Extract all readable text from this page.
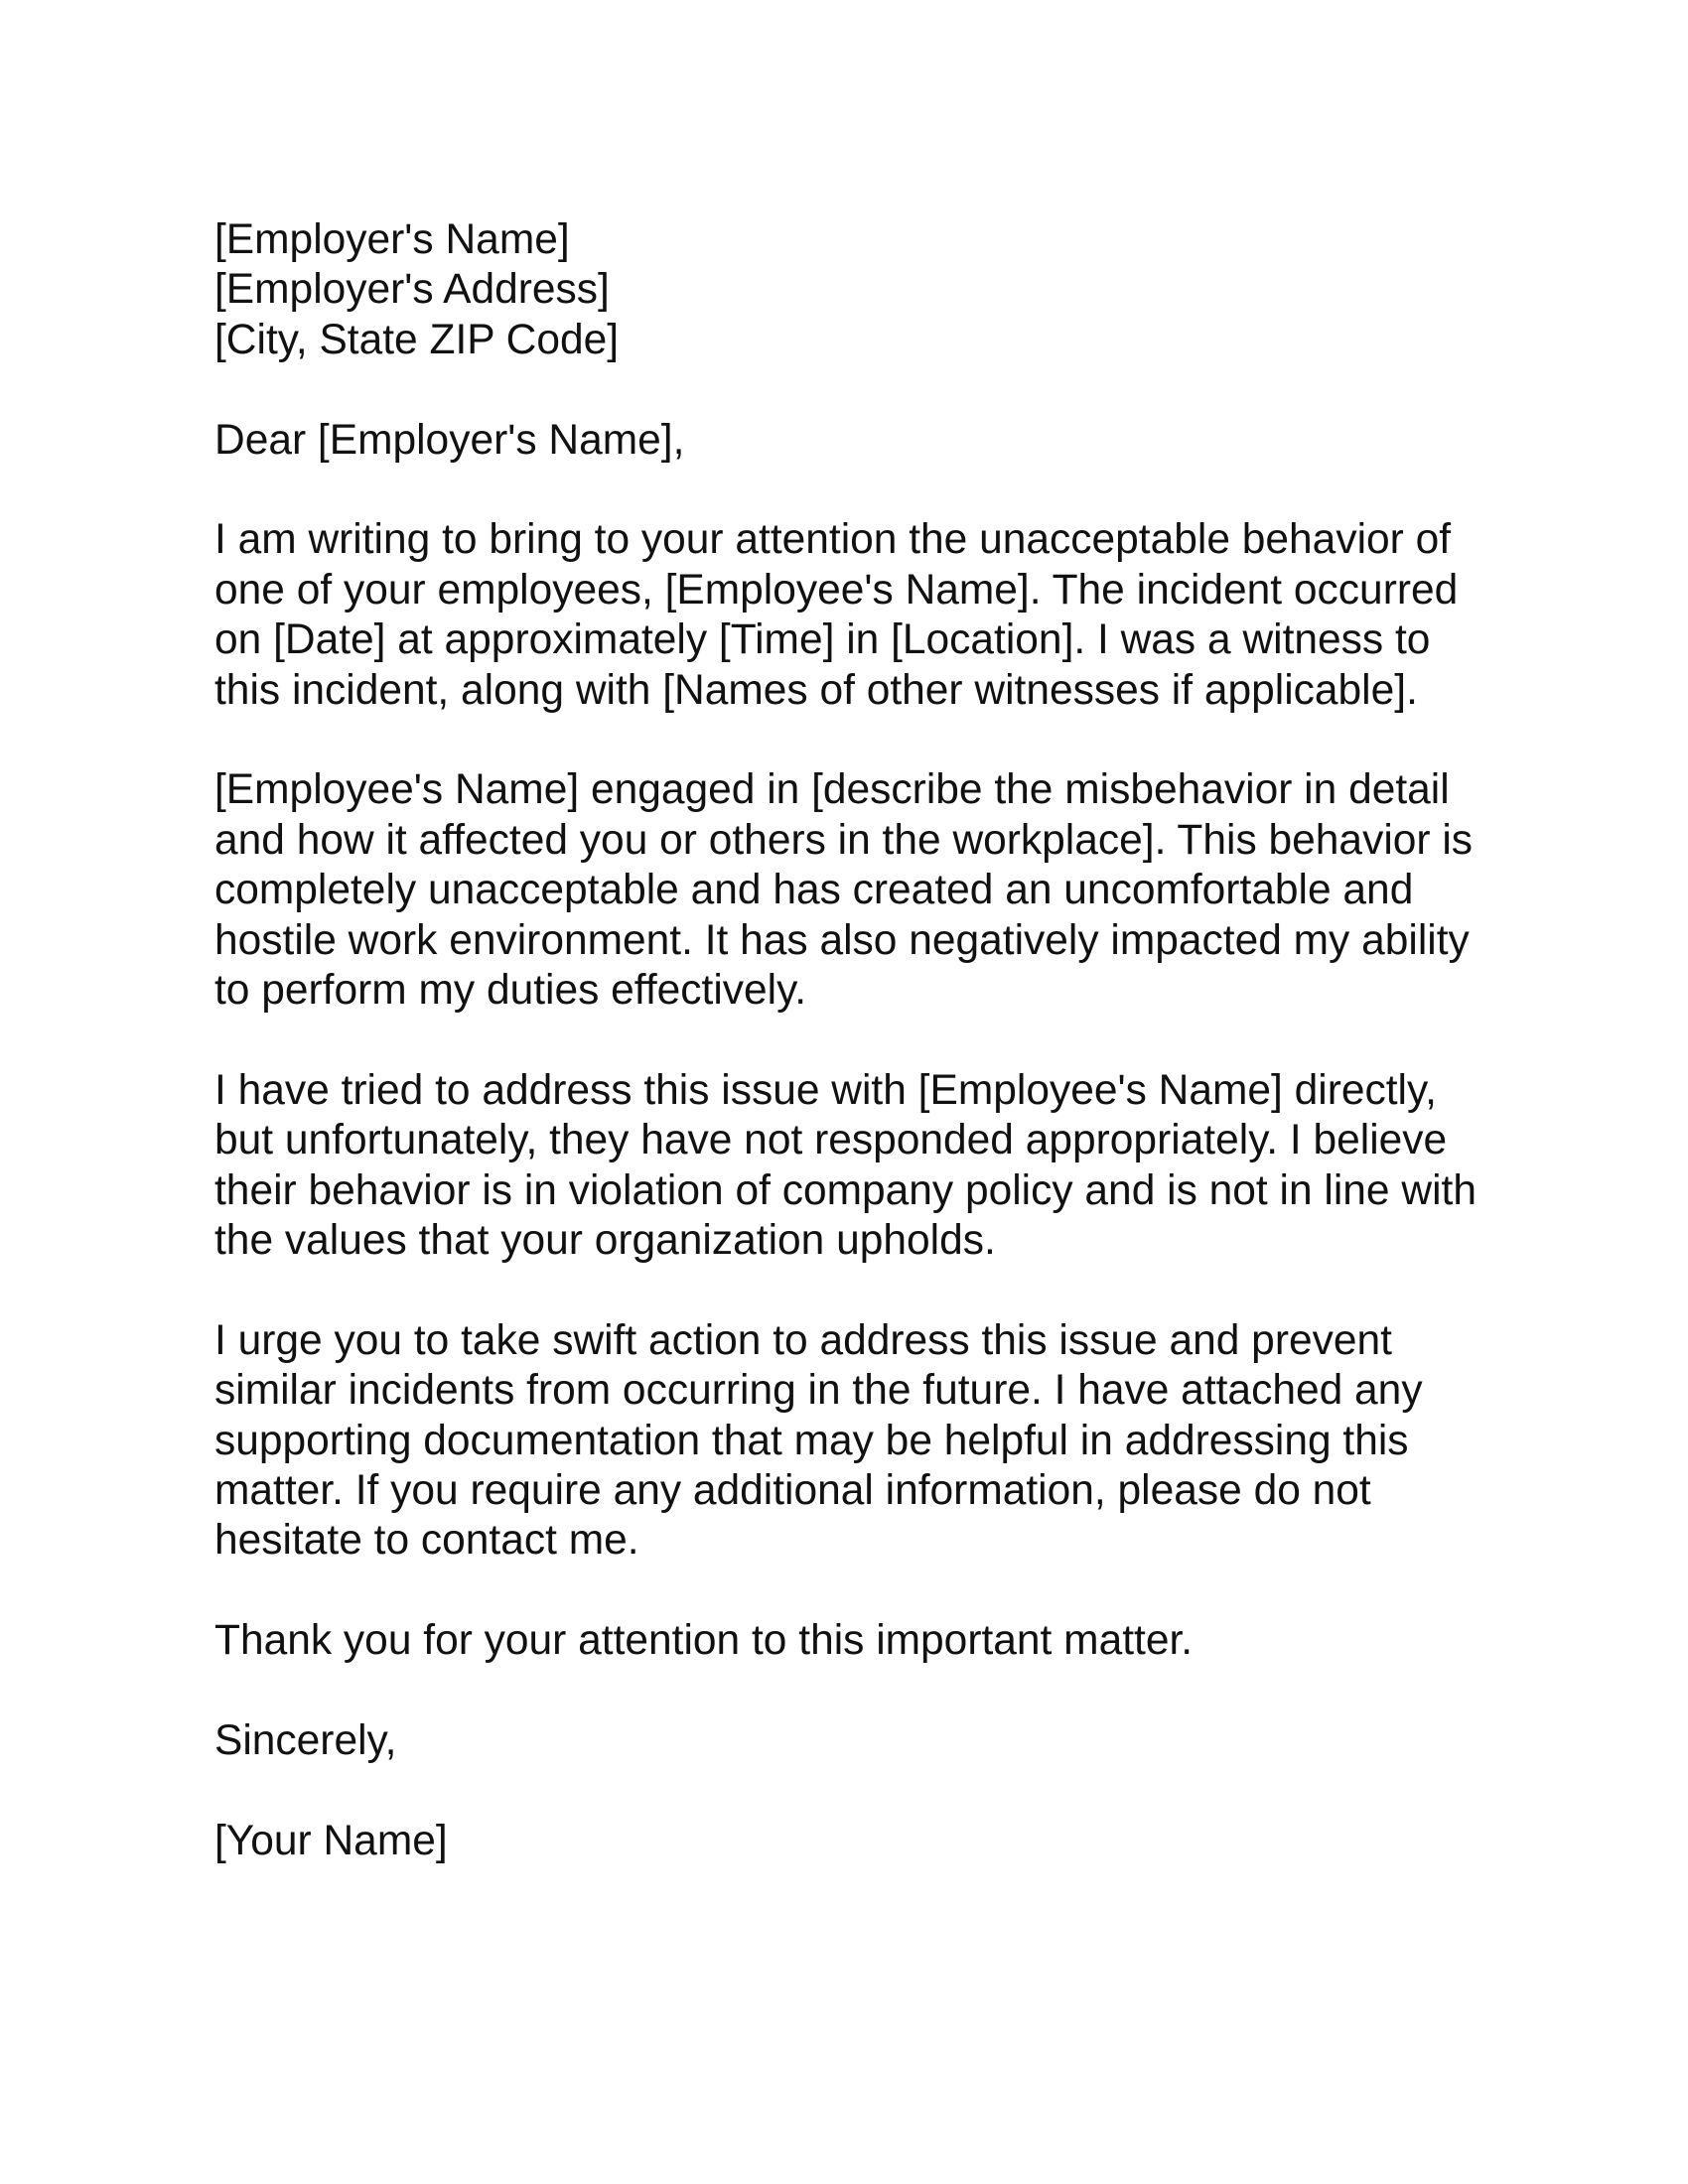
[Employer's Name]
[Employer's Address]
[City, State ZIP Code]
Dear [Employer's Name],
I am writing to bring to your attention the unacceptable behavior of
one of your employees, [Employee's Name]. The incident occurred
on [Date] at approximately [Time] in [Location]. I was a witness to
this incident, along with [Names of other witnesses if applicable].
[Employee's Name] engaged in [describe the misbehavior in detail
and how it affected you or others in the workplace]. This behavior is
completely unacceptable and has created an uncomfortable and
hostile work environment. It has also negatively impacted my ability
to perform my duties effectively.
I have tried to address this issue with [Employee's Name] directly,
but unfortunately, they have not responded appropriately. I believe
their behavior is in violation of company policy and is not in line with
the values that your organization upholds.
I urge you to take swift action to address this issue and prevent
similar incidents from occurring in the future. I have attached any
supporting documentation that may be helpful in addressing this
matter. If you require any additional information, please do not
hesitate to contact me.
Thank you for your attention to this important matter.
Sincerely,
[Your Name]
